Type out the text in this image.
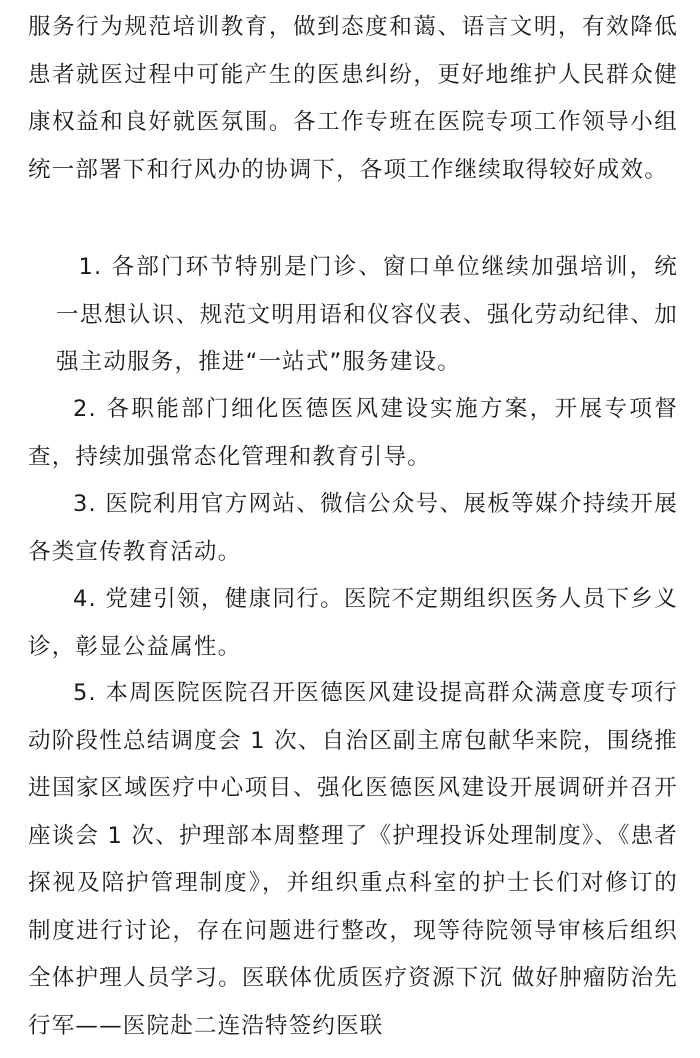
服务行为规范培训教育，做到态度和蔼、语言文明，有效降低患者就医过程中可能产生的医患纠纷，更好地维护人民群众健康权益和良好就医氛围。各工作专班在医院专项工作领导小组统一部署下和行风办的协调下，各项工作继续取得较好成效。

1. 各部门环节特别是门诊、窗口单位继续加强培训，统一思想认识、规范文明用语和仪容仪表、强化劳动纪律、加强主动服务，推进“一站式”服务建设。

2. 各职能部门细化医德医风建设实施方案，开展专项督查，持续加强常态化管理和教育引导。

3. 医院利用官方网站、微信公众号、展板等媒介持续开展各类宣传教育活动。

4. 党建引领，健康同行。医院不定期组织医务人员下乡义诊，彰显公益属性。

5. 本周医院医院召开医德医风建设提高群众满意度专项行动阶段性总结调度会 1 次、自治区副主席包献华来院，围绕推进国家区域医疗中心项目、强化医德医风建设开展调研并召开座谈会 1 次、护理部本周整理了《护理投诉处理制度》、《患者探视及陪护管理制度》，并组织重点科室的护士长们对修订的制度进行讨论，存在问题进行整改，现等待院领导审核后组织全体护理人员学习。医联体优质医疗资源下沉 做好肿瘤防治先行军——医院赴二连浩特签约医联
